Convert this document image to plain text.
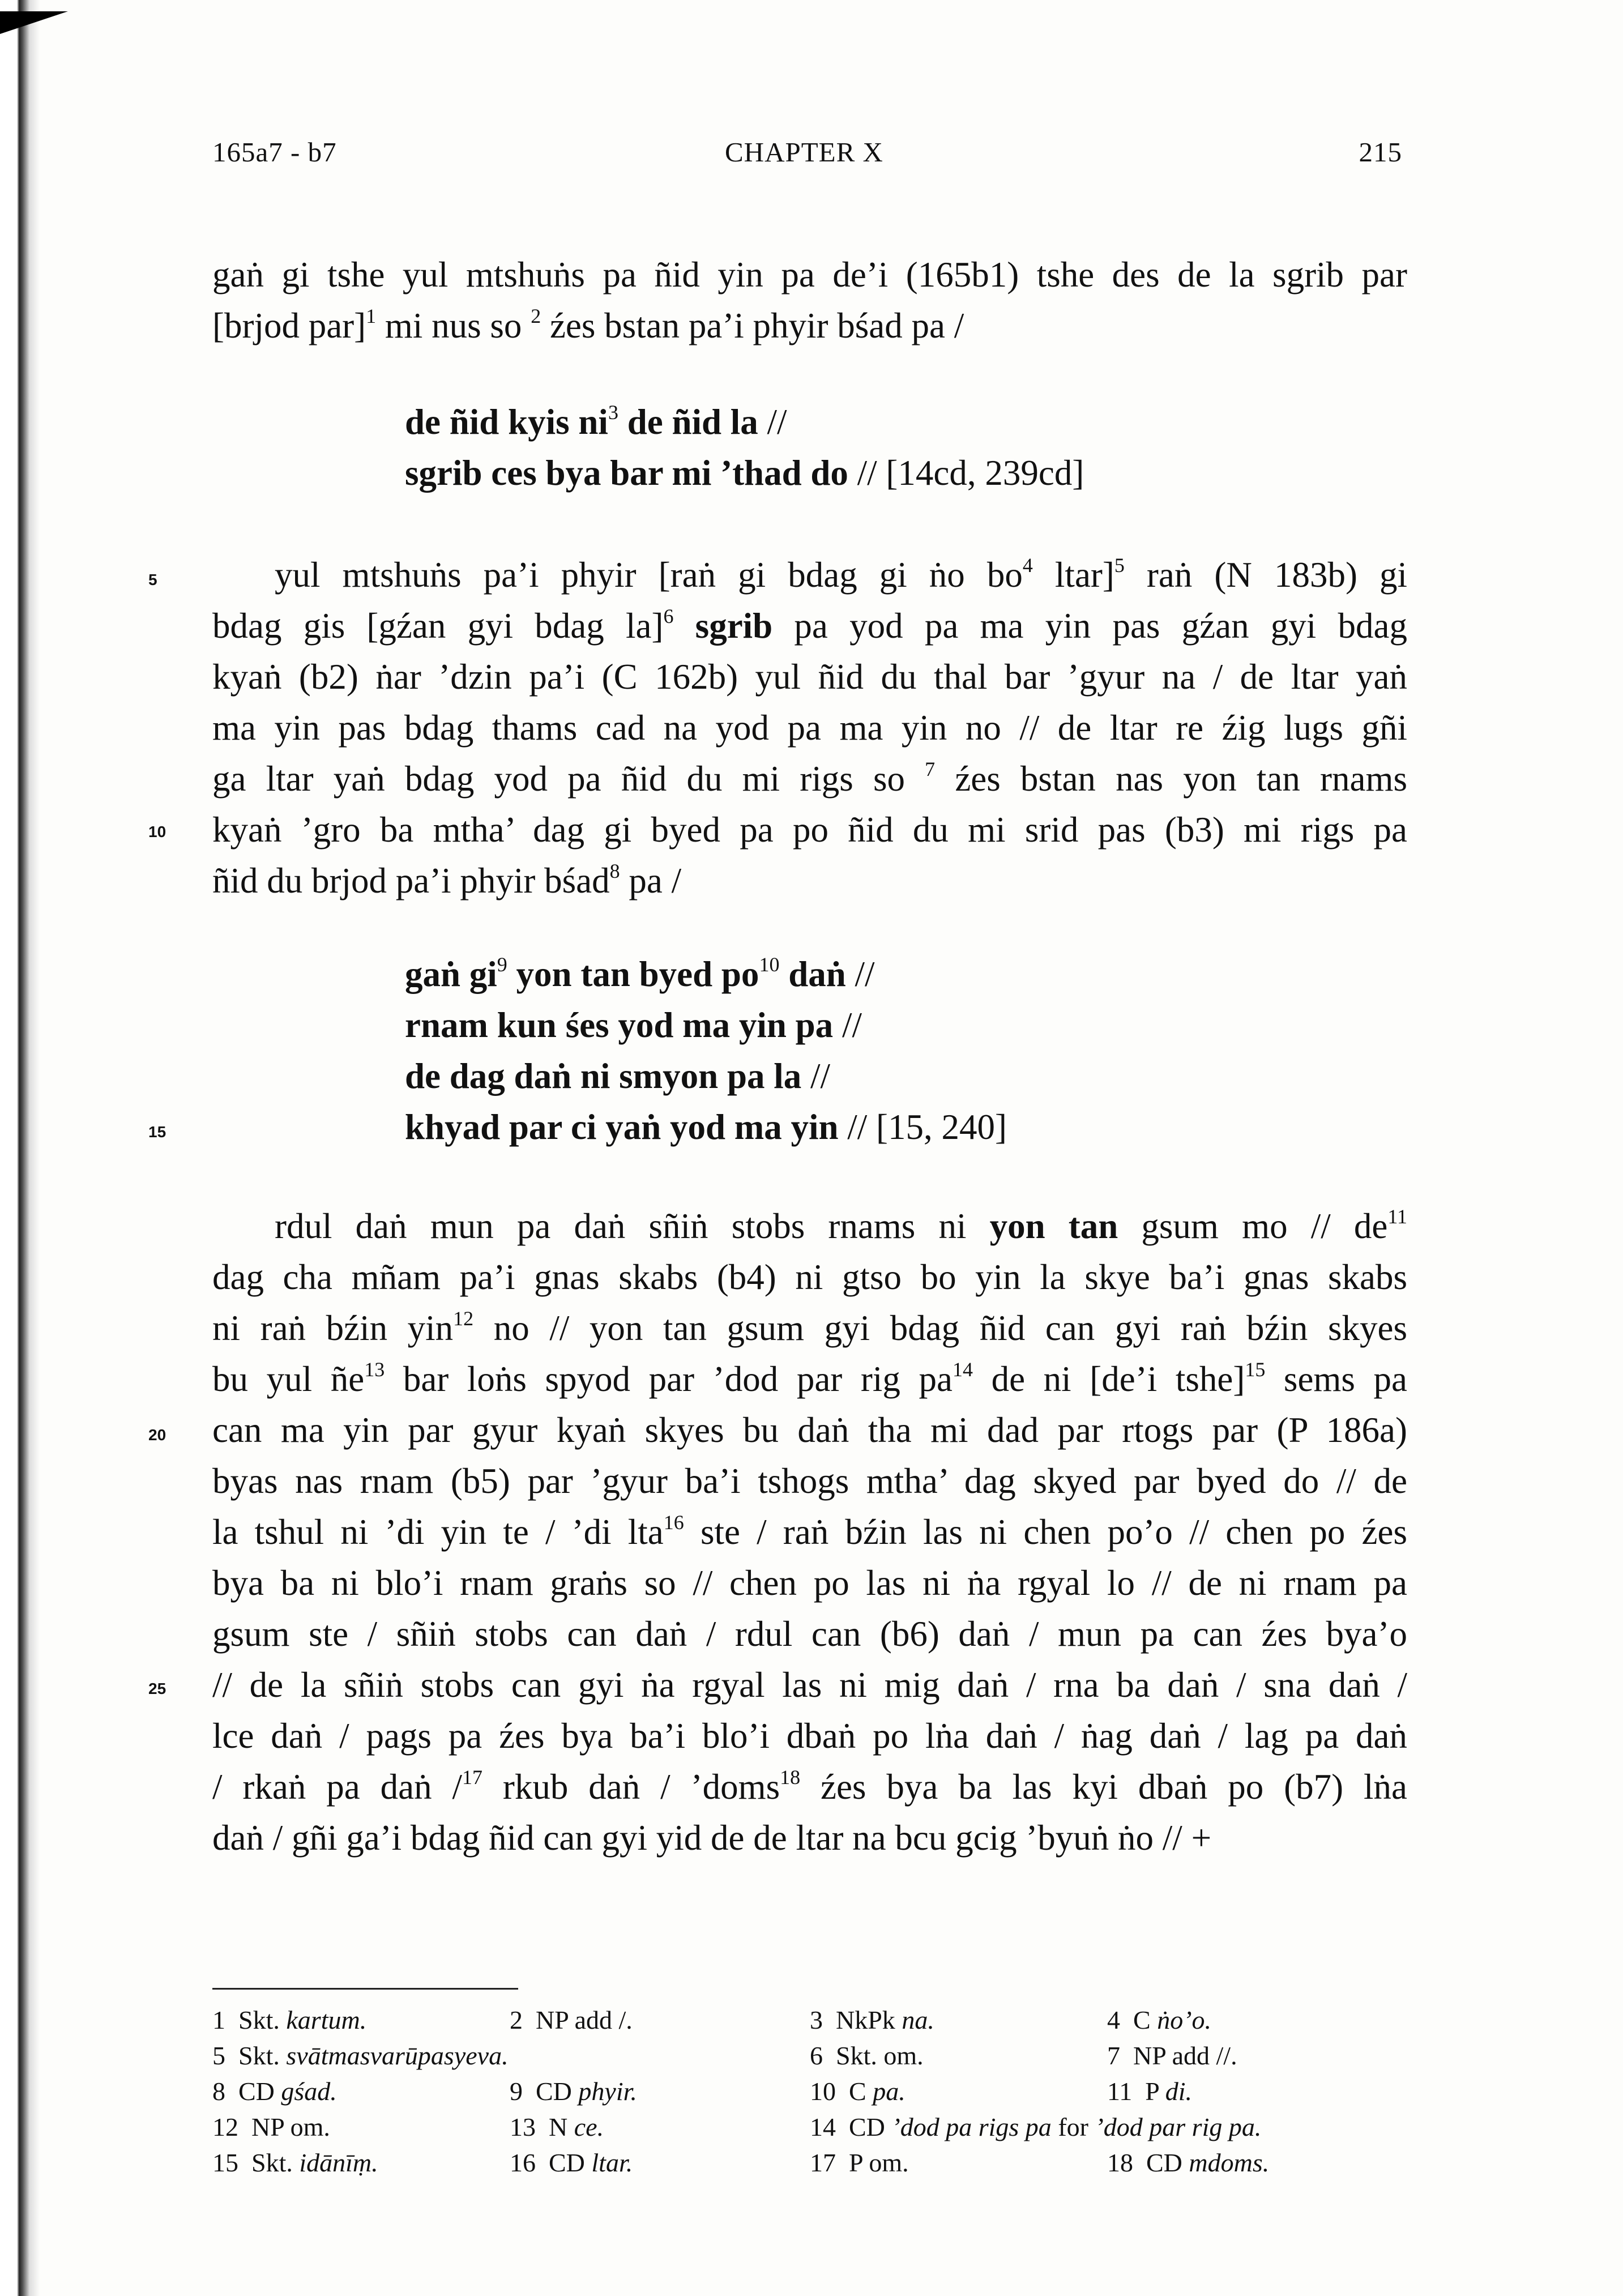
165a7 - b7	CHAPTER X	215
gaṅ gi tshe yul mtshuṅs pa ñid yin pa de’i (165b1) tshe des de la sgrib par
[brjod par]$^1$ mi nus so $^2$ źes bstan pa’i phyir bśad pa /
de ñid kyis $ni^3$ de ñid la //
sgrib ces bya bar mi ’thad do // [14cd, 239cd]
yul mtshuṅs pa’i phyir [raṅ gi bdag gi ṅo $bo^4$ ltar]$^5$ raṅ (N 183b) gi
bdag gis [gźan gyi bdag la]$^6$ sgrib pa yod pa ma yin pas gźan gyi bdag
kyaṅ (b2) ṅar ’dzin pa’i (C 162b) yul ñid du thal bar ’gyur na / de ltar yaṅ
ma yin pas bdag thams cad na yod pa ma yin no // de ltar re źig lugs gñi
ga ltar yaṅ bdag yod pa ñid du mi rigs so $^7$ źes bstan nas yon tan rnams
kyaṅ ’gro ba mtha’ dag gi byed pa po ñid du mi srid pas (b3) mi rigs pa
ñid du brjod pa’i phyir bśad$^8$ pa /
gaṅ $gi^9$ yon tan byed $po^{10}$ daṅ //
rnam kun śes yod ma yin pa //
de dag daṅ ni smyon pa la //
khyad par ci yaṅ yod ma yin // [15, 240]
rdul daṅ mun pa daṅ sñiṅ stobs rnams ni yon tan gsum mo // $de^{11}$
dag cha mñam pa’i gnas skabs (b4) ni gtso bo yin la skye ba’i gnas skabs
ni raṅ bźin yin$^{12}$ no // yon tan gsum gyi bdag ñid can gyi raṅ bźin skyes
bu yul $ñe^{13}$ bar loṅs spyod par ’dod par rig $pa^{14}$ de ni [de’i tshe]$^{15}$ sems pa
can ma yin par gyur kyaṅ skyes bu daṅ tha mi dad par rtogs par (P 186a)
byas nas rnam (b5) par ’gyur ba’i tshogs mtha’ dag skyed par byed do // de
la tshul ni ’di yin te / ’di lta$^{16}$ ste / raṅ bźin las ni chen po’o // chen po źes
bya ba ni blo’i rnam graṅs so // chen po las ni ṅa rgyal lo // de ni rnam pa
gsum ste / sñiṅ stobs can daṅ / rdul can (b6) daṅ / mun pa can źes bya’o
// de la sñiṅ stobs can gyi ṅa rgyal las ni mig daṅ / rna ba daṅ / sna daṅ /
lce daṅ / pags pa źes bya ba’i blo’i dbaṅ po lṅa daṅ / ṅag daṅ / lag pa daṅ
/ rkaṅ pa daṅ /$^{17}$ rkub daṅ / ’doms$^{18}$ źes bya ba las kyi dbaṅ po (b7) lṅa
daṅ / gñi ga’i bdag ñid can gyi yid de de ltar na bcu gcig ’byuṅ ṅo // +
5
10
15
20
25
1  Skt. kartum.	2  NP add /.	3  NkPk na.	4  C ṅo’o.
5  Skt. svātmasvarūpasyeva.	6  Skt. om.	7  NP add //.
8  CD gśad.	9  CD phyir.	10  C pa.	11  P di.
12  NP om.	13  N ce.	14  CD ’dod pa rigs pa for ’dod par rig pa.
15  Skt. idānīṃ.	16  CD ltar.	17  P om.	18  CD mdoms.
